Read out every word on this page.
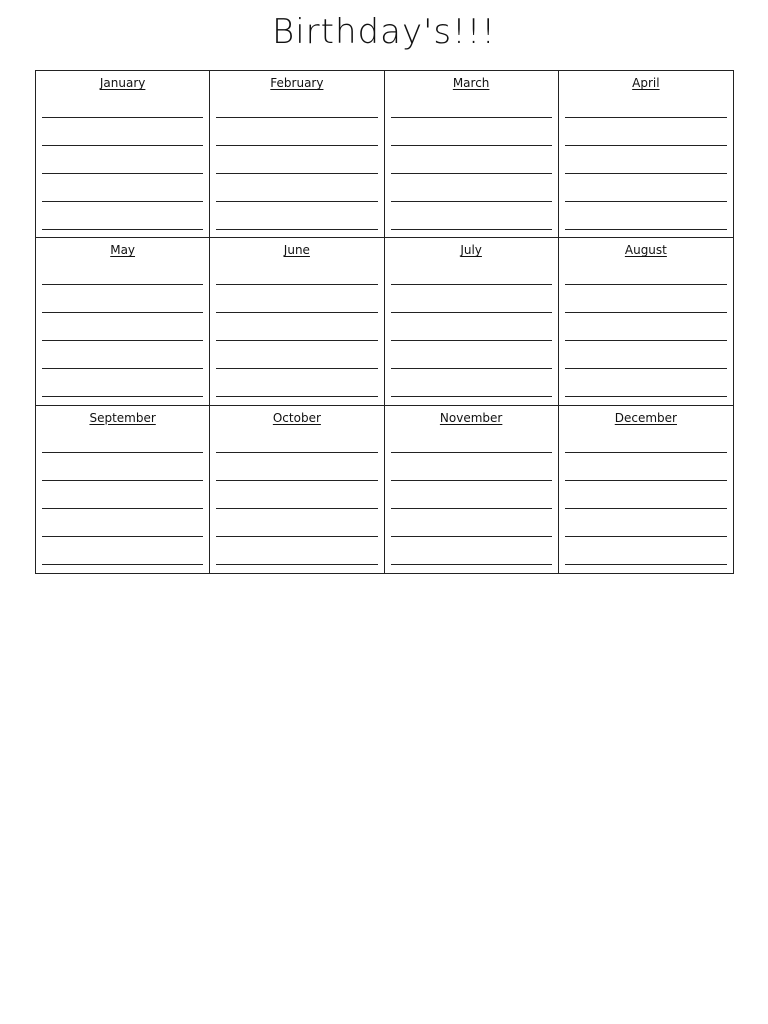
Birthday's!!!
January	February	March	April
May	June	July	August
September	October	November	December
